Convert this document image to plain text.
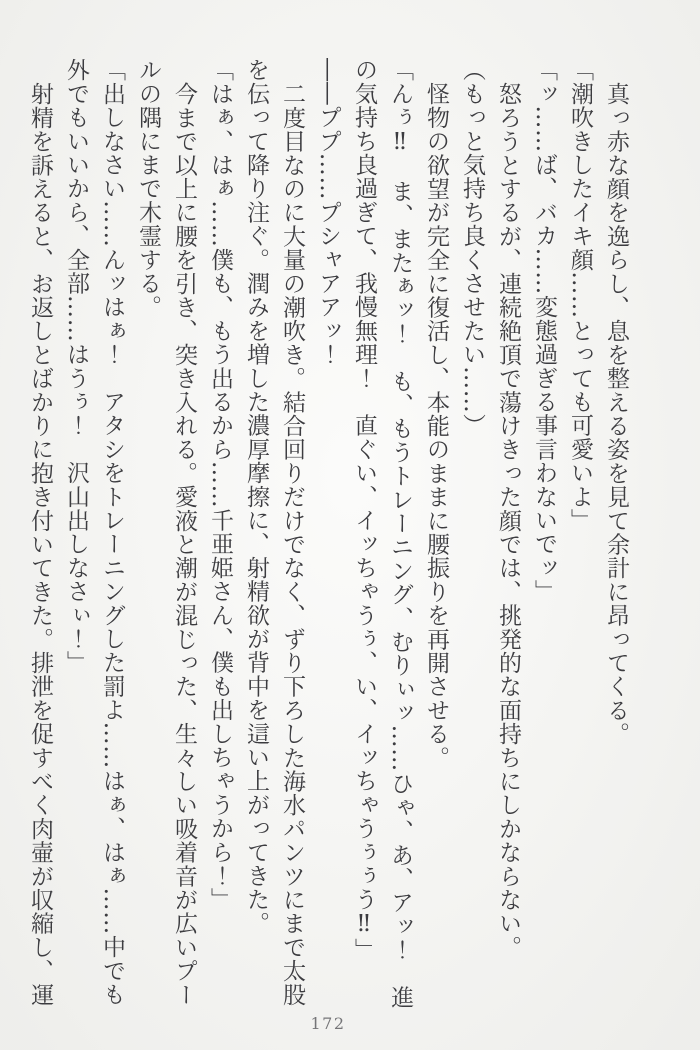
真っ赤な顔を逸らし、息を整える姿を見て余計に昂ってくる。

「潮吹きしたイキ顔……とっても可愛いよ」

「ッ……ば、バカ……変態過ぎる事言わないでッ」

怒ろうとするが、連続絶頂で蕩けきった顔では、挑発的な面持ちにしかならない。

（もっと気持ち良くさせたい……）

怪物の欲望が完全に復活し、本能のままに腰振りを再開させる。

「んぅ‼　ま、またぁッ！　も、もうトレーニング、むりぃッ……ひゃ、あ、アッ！　進

の気持ち良過ぎて、我慢無理！　直ぐい、イッちゃうぅ、い、イッちゃうぅぅう‼」

――ププ……プシャアアッ！

二度目なのに大量の潮吹き。結合回りだけでなく、ずり下ろした海水パンツにまで太股

を伝って降り注ぐ。潤みを増した濃厚摩擦に、射精欲が背中を這い上がってきた。

「はぁ、はぁ……僕も、もう出るから……千亜姫さん、僕も出しちゃうから！」

今まで以上に腰を引き、突き入れる。愛液と潮が混じった、生々しい吸着音が広いプー

ルの隅にまで木霊する。

「出しなさい……んッはぁ！　アタシをトレーニングした罰よ……はぁ、はぁ……中でも

外でもいいから、全部……はうぅ！　沢山出しなさぃ！」

射精を訴えると、お返しとばかりに抱き付いてきた。排泄を促すべく肉壷が収縮し、運

172
